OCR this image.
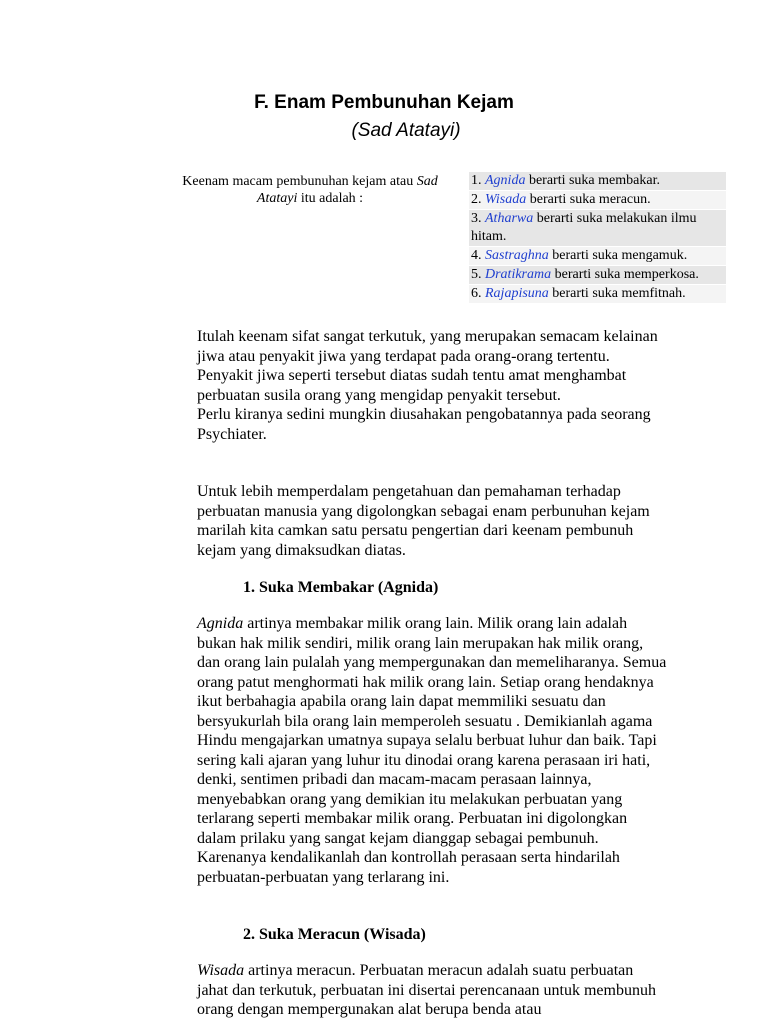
F. Enam Pembunuhan Kejam
(Sad Atatayi)
Keenam macam pembunuhan kejam atau Sad Atatayi itu adalah :
1. Agnida berarti suka membakar.
2. Wisada berarti suka meracun.
3. Atharwa berarti suka melakukan ilmu hitam.
4. Sastraghna berarti suka mengamuk.
5. Dratikrama berarti suka memperkosa.
6. Rajapisuna berarti suka memfitnah.
Itulah keenam sifat sangat terkutuk, yang merupakan semacam kelainan jiwa atau penyakit jiwa yang terdapat pada orang-orang tertentu. Penyakit jiwa seperti tersebut diatas sudah tentu amat menghambat perbuatan susila orang yang mengidap penyakit tersebut.
Perlu kiranya sedini mungkin diusahakan pengobatannya pada seorang Psychiater.
Untuk lebih memperdalam pengetahuan dan pemahaman terhadap perbuatan manusia yang digolongkan sebagai enam perbunuhan kejam marilah kita camkan satu persatu pengertian dari keenam pembunuh kejam yang dimaksudkan diatas.
1. Suka Membakar (Agnida)
Agnida artinya membakar milik orang lain. Milik orang lain adalah bukan hak milik sendiri, milik orang lain merupakan hak milik orang, dan orang lain pulalah yang mempergunakan dan memeliharanya. Semua orang patut menghormati hak milik orang lain. Setiap orang hendaknya ikut berbahagia apabila orang lain dapat memmiliki sesuatu dan bersyukurlah bila orang lain memperoleh sesuatu . Demikianlah agama Hindu mengajarkan umatnya supaya selalu berbuat luhur dan baik. Tapi sering kali ajaran yang luhur itu dinodai orang karena perasaan iri hati, denki, sentimen pribadi dan macam-macam perasaan lainnya, menyebabkan orang yang demikian itu melakukan perbuatan yang terlarang seperti membakar milik orang. Perbuatan ini digolongkan dalam prilaku yang sangat kejam dianggap sebagai pembunuh. Karenanya kendalikanlah dan kontrollah perasaan serta hindarilah perbuatan-perbuatan yang terlarang ini.
2. Suka Meracun (Wisada)
Wisada artinya meracun. Perbuatan meracun adalah suatu perbuatan jahat dan terkutuk, perbuatan ini disertai perencanaan untuk membunuh orang dengan mempergunakan alat berupa benda atau
